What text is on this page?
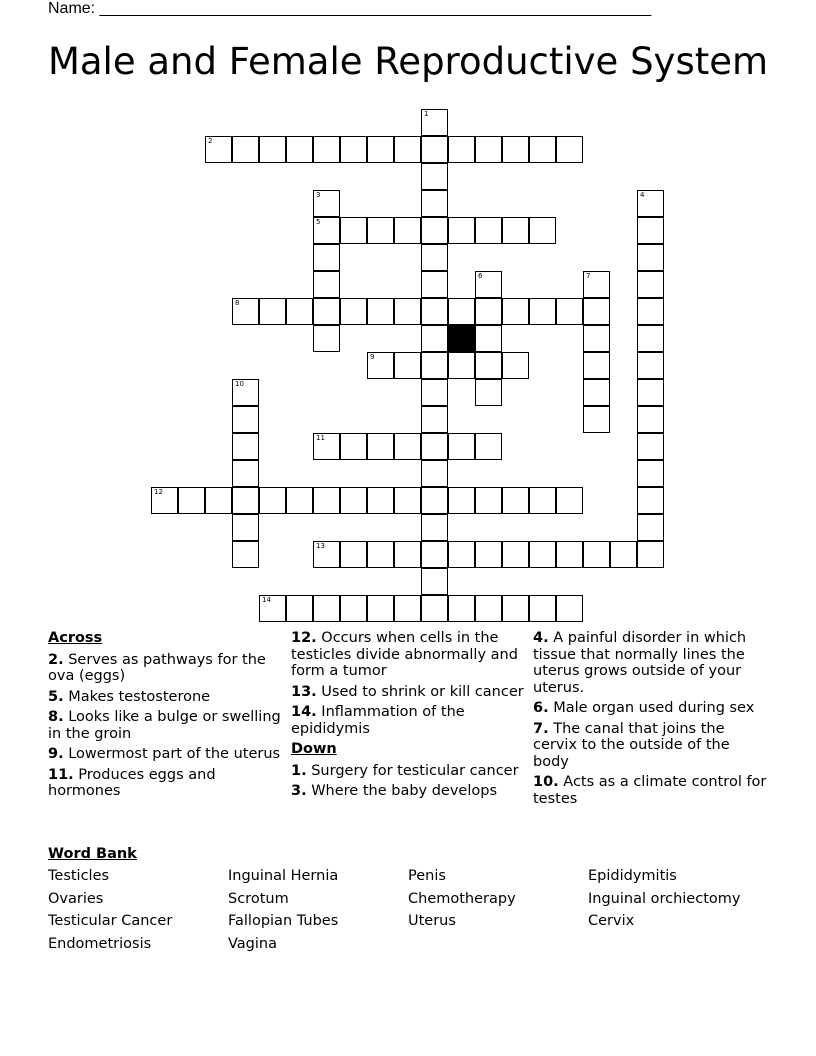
Name: ______________________________________________________________
Male and Female Reproductive System
1
2
3
5
4
6	7
8
9
10
11
12
13
14
Across
2. Serves as pathways for the ova (eggs)
5. Makes testosterone
8. Looks like a bulge or swelling in the groin
9. Lowermost part of the uterus
11. Produces eggs and hormones
12. Occurs when cells in the testicles divide abnormally and form a tumor
13. Used to shrink or kill cancer
14. Inflammation of the epididymis
Down
1. Surgery for testicular cancer
3. Where the baby develops
4. A painful disorder in which tissue that normally lines the uterus grows outside of your uterus.
6. Male organ used during sex
7. The canal that joins the cervix to the outside of the body
10. Acts as a climate control for testes
Word Bank
Testicles
Ovaries
Testicular Cancer
Endometriosis
Inguinal Hernia
Scrotum
Fallopian Tubes
Vagina
Penis
Chemotherapy
Uterus
Epididymitis
Inguinal orchiectomy
Cervix
